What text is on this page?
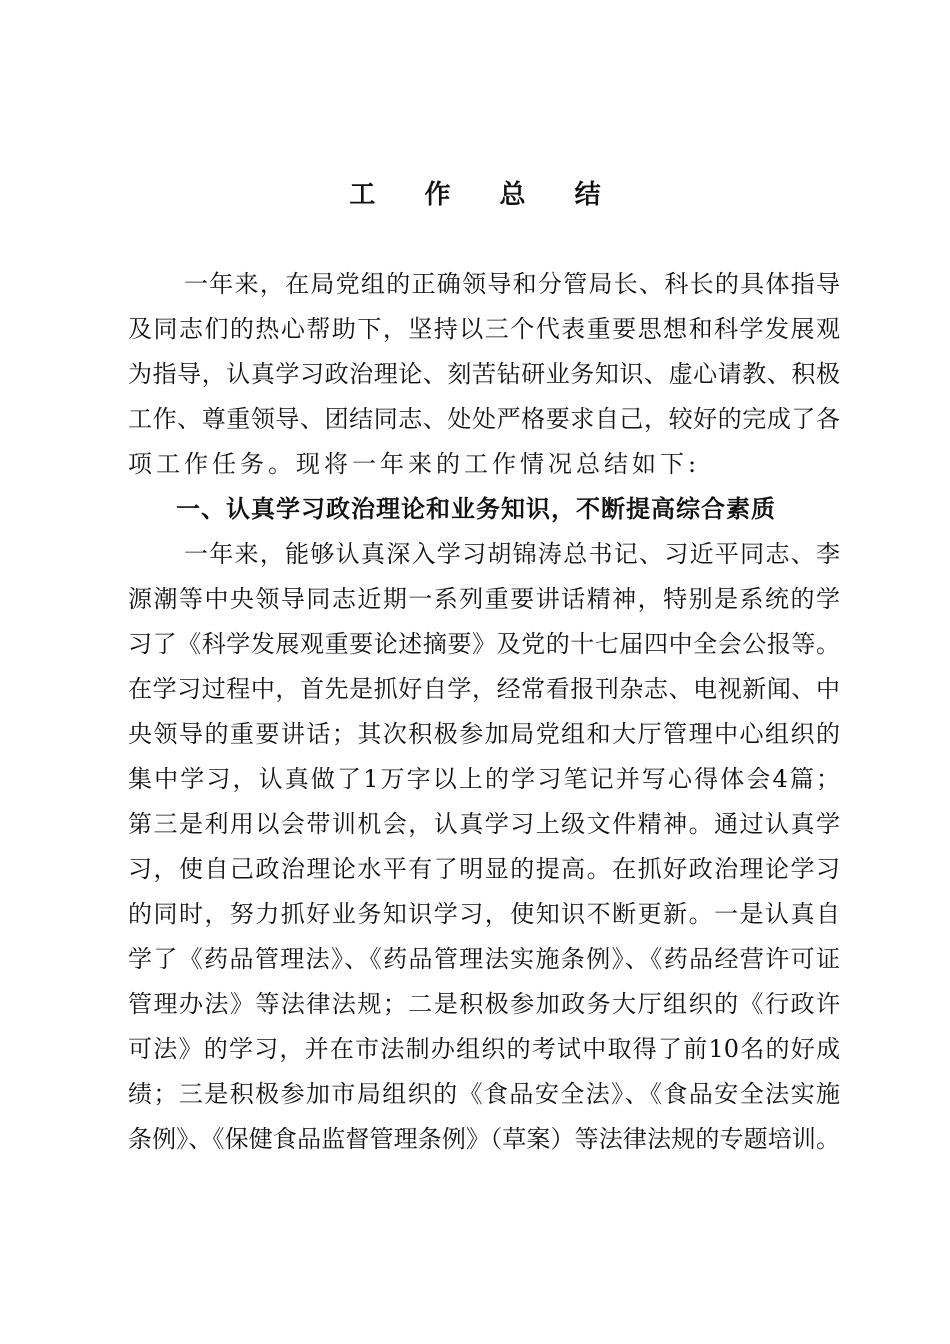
工 作 总 结
一年来，在局党组的正确领导和分管局长、科长的具体指导
及同志们的热心帮助下，坚持以三个代表重要思想和科学发展观
为指导，认真学习政治理论、刻苦钻研业务知识、虚心请教、积极
工作、尊重领导、团结同志、处处严格要求自己，较好的完成了各
项工作任务。现将一年来的工作情况总结如下:
一、认真学习政治理论和业务知识，不断提高综合素质
一年来，能够认真深入学习胡锦涛总书记、习近平同志、李
源潮等中央领导同志近期一系列重要讲话精神，特别是系统的学
习了《科学发展观重要论述摘要》及党的十七届四中全会公报等。
在学习过程中，首先是抓好自学，经常看报刊杂志、电视新闻、中
央领导的重要讲话；其次积极参加局党组和大厅管理中心组织的
集中学习，认真做了1万字以上的学习笔记并写心得体会4篇；
第三是利用以会带训机会，认真学习上级文件精神。通过认真学
习，使自己政治理论水平有了明显的提高。在抓好政治理论学习
的同时，努力抓好业务知识学习，使知识不断更新。一是认真自
学了《药品管理法》、《药品管理法实施条例》、《药品经营许可证
管理办法》等法律法规；二是积极参加政务大厅组织的《行政许
可法》的学习，并在市法制办组织的考试中取得了前10名的好成
绩；三是积极参加市局组织的《食品安全法》、《食品安全法实施
条例》、《保健食品监督管理条例》（草案）等法律法规的专题培训。
